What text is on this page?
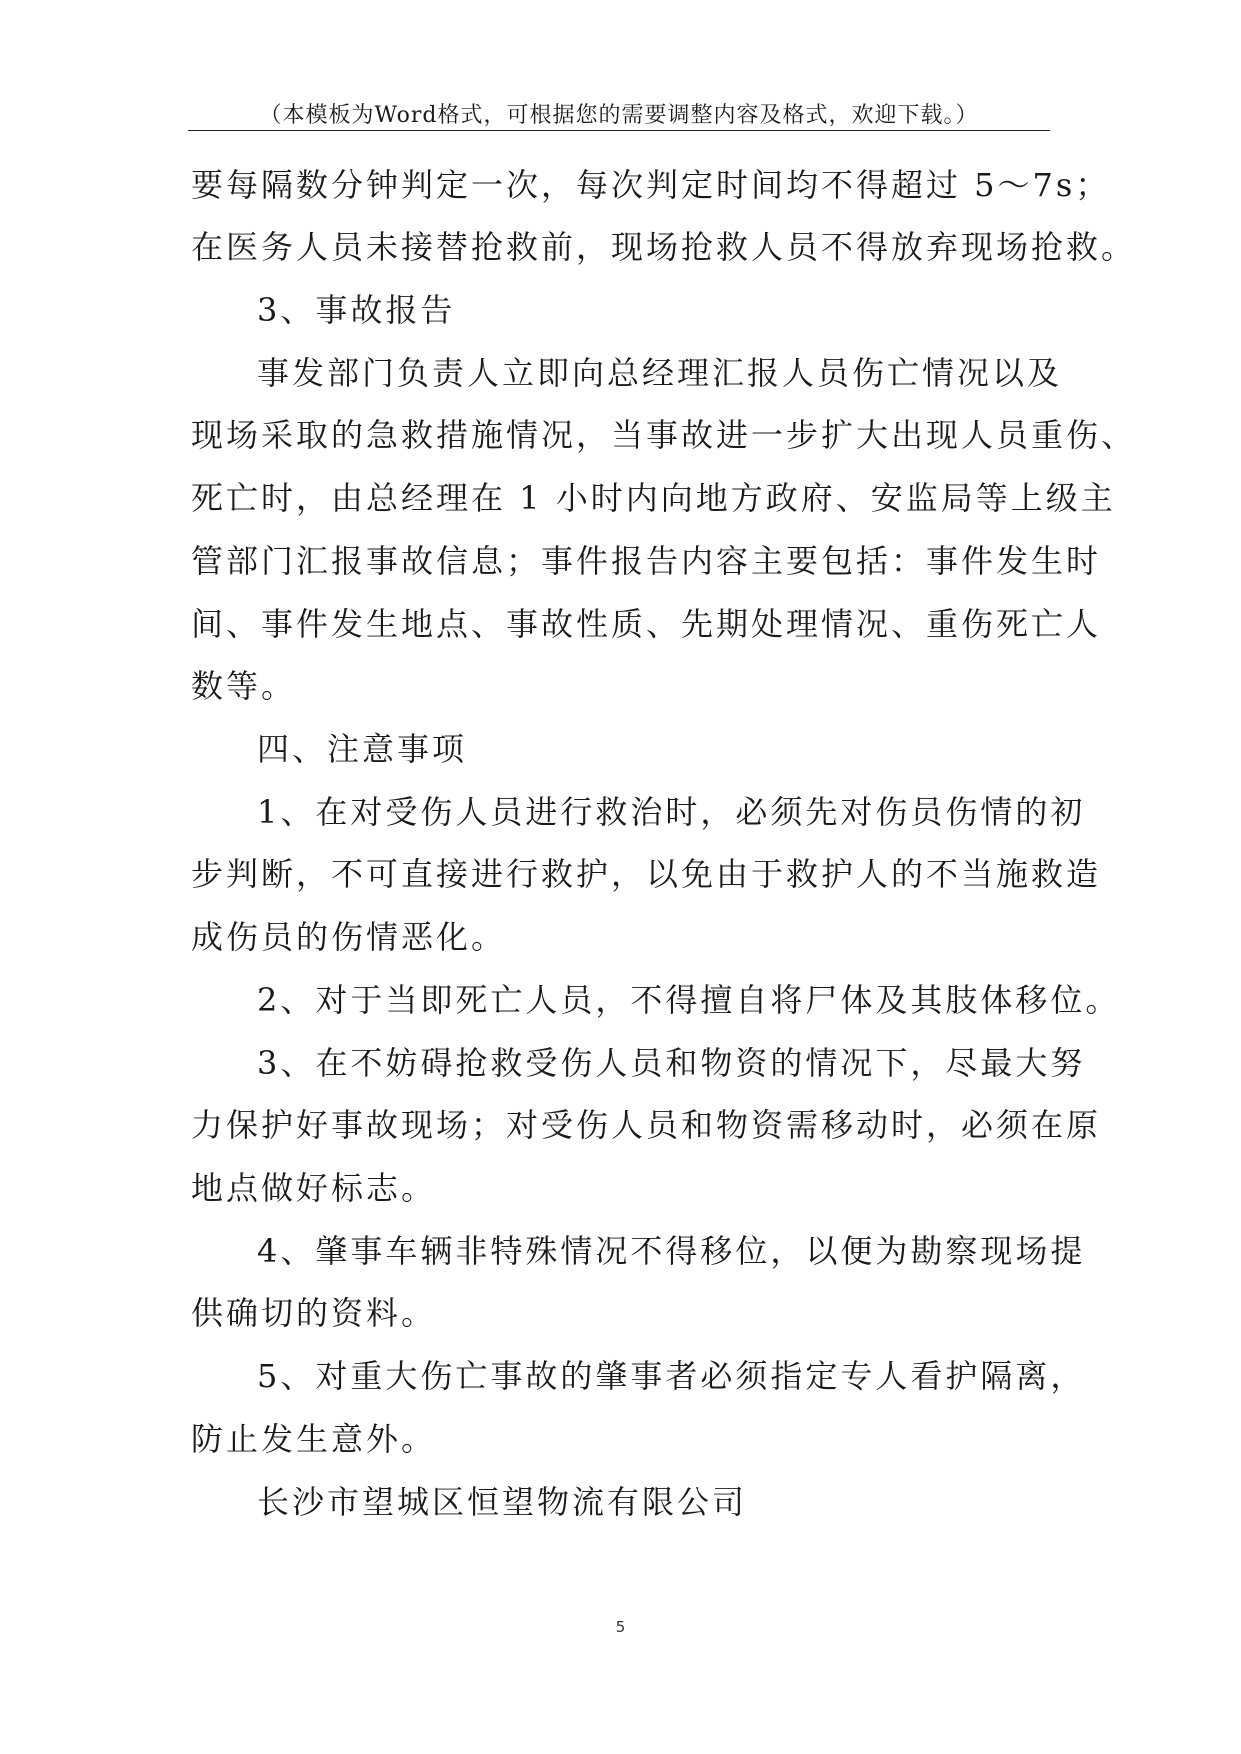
（本模板为Word格式，可根据您的需要调整内容及格式，欢迎下载。）
要每隔数分钟判定一次，每次判定时间均不得超过 5～7s；
在医务人员未接替抢救前，现场抢救人员不得放弃现场抢救。
3、事故报告
事发部门负责人立即向总经理汇报人员伤亡情况以及
现场采取的急救措施情况，当事故进一步扩大出现人员重伤、
死亡时，由总经理在 1 小时内向地方政府、安监局等上级主
管部门汇报事故信息；事件报告内容主要包括：事件发生时
间、事件发生地点、事故性质、先期处理情况、重伤死亡人
数等。
四、注意事项
1、在对受伤人员进行救治时，必须先对伤员伤情的初
步判断，不可直接进行救护，以免由于救护人的不当施救造
成伤员的伤情恶化。
2、对于当即死亡人员，不得擅自将尸体及其肢体移位。
3、在不妨碍抢救受伤人员和物资的情况下，尽最大努
力保护好事故现场；对受伤人员和物资需移动时，必须在原
地点做好标志。
4、肇事车辆非特殊情况不得移位，以便为勘察现场提
供确切的资料。
5、对重大伤亡事故的肇事者必须指定专人看护隔离，
防止发生意外。
长沙市望城区恒望物流有限公司
5
